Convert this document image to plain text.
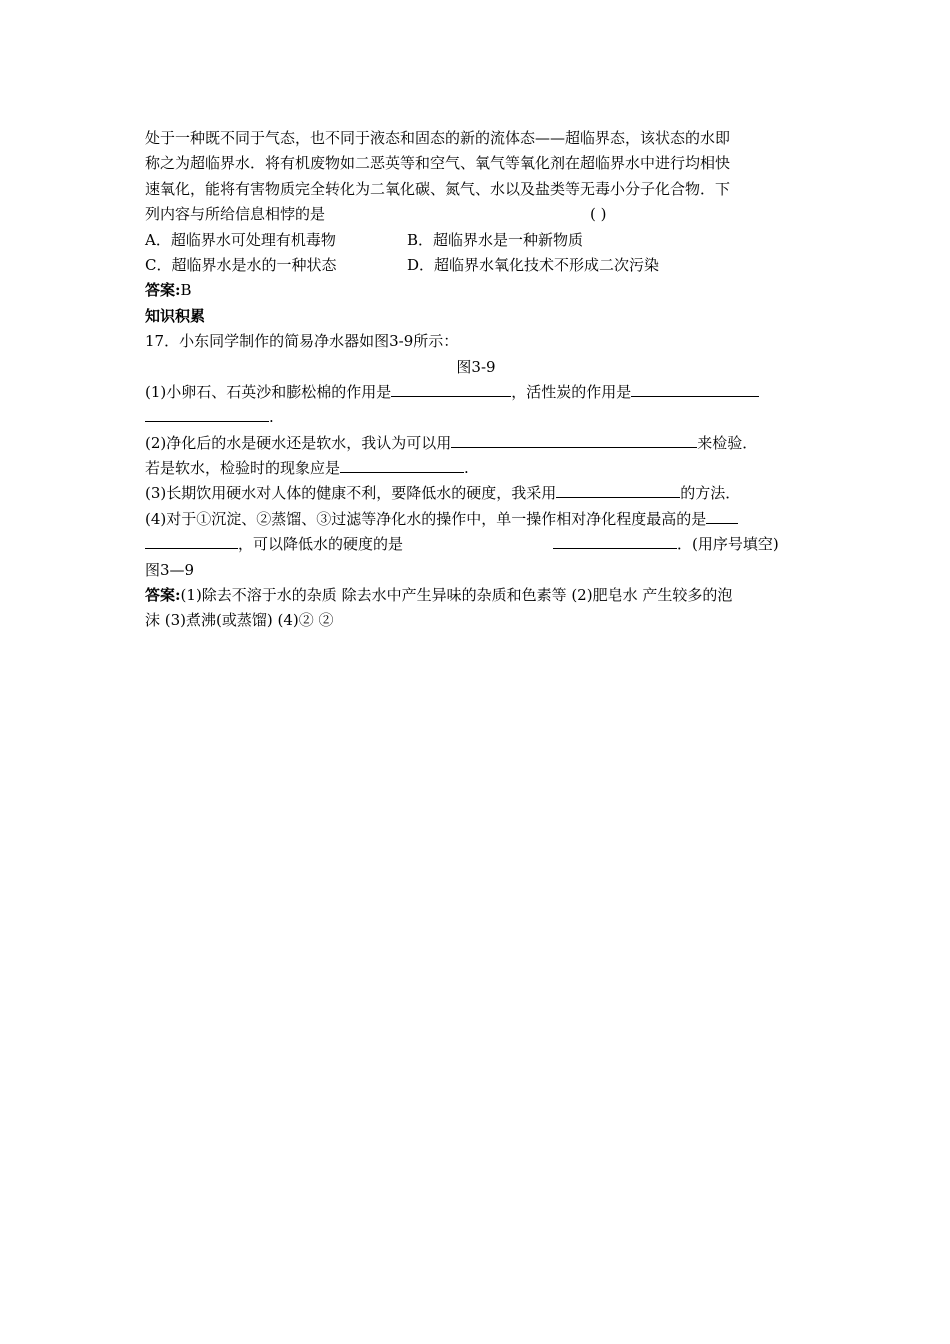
处于一种既不同于气态，也不同于液态和固态的新的流体态——超临界态，该状态的水即
称之为超临界水．将有机废物如二恶英等和空气、氧气等氧化剂在超临界水中进行均相快
速氧化，能将有害物质完全转化为二氧化碳、氮气、水以及盐类等无毒小分子化合物．下
列内容与所给信息相悖的是	( )
A．超临界水可处理有机毒物	B．超临界水是一种新物质
C．超临界水是水的一种状态	D．超临界水氧化技术不形成二次污染
答案:B
知识积累
17．小东同学制作的简易净水器如图3-9所示：
图3-9
(1)小卵石、石英沙和膨松棉的作用是	，活性炭的作用是
.
(2)净化后的水是硬水还是软水，我认为可以用	来检验．
若是软水，检验时的现象应是	.
(3)长期饮用硬水对人体的健康不利，要降低水的硬度，我采用	的方法．
(4)对于①沉淀、②蒸馏、③过滤等净化水的操作中，单一操作相对净化程度最高的是
，可以降低水的硬度的是	．(用序号填空)
图3—9
答案:(1)除去不溶于水的杂质 除去水中产生异味的杂质和色素等 (2)肥皂水 产生较多的泡
沫 (3)煮沸(或蒸馏) (4)② ②
